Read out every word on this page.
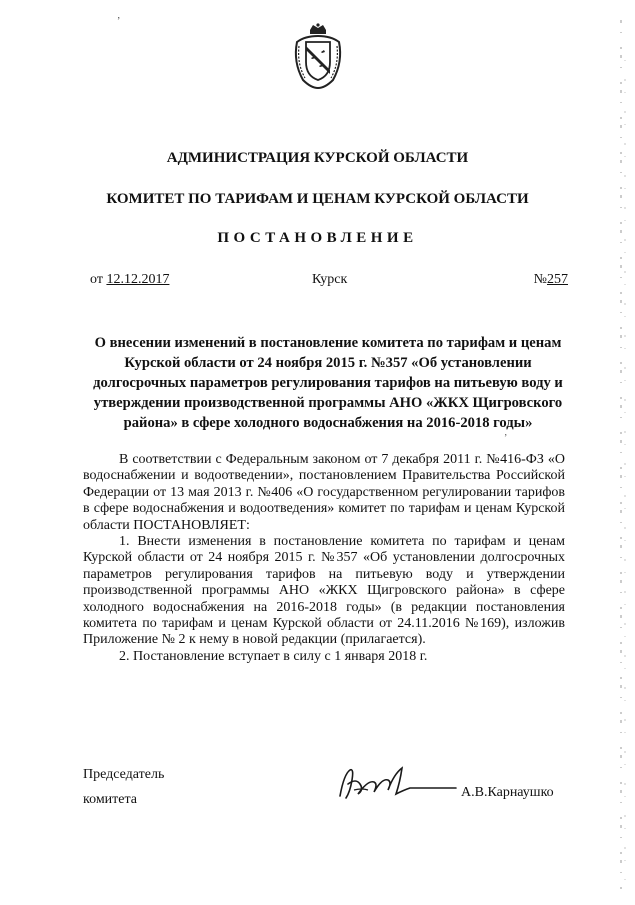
ʼ
АДМИНИСТРАЦИЯ КУРСКОЙ ОБЛАСТИ
КОМИТЕТ ПО ТАРИФАМ И ЦЕНАМ КУРСКОЙ ОБЛАСТИ
ПОСТАНОВЛЕНИЕ
от 12.12.2017	Курск	№257
О внесении изменений в постановление комитета по тарифам и ценам
Курской области от 24 ноября 2015 г. №357 «Об установлении
долгосрочных параметров регулирования тарифов на питьевую воду и
утверждении производственной программы АНО «ЖКХ Щигровского
района» в сфере холодного водоснабжения на 2016-2018 годы»
ʼ

В соответствии с Федеральным законом от 7 декабря 2011 г. №416-ФЗ «О водоснабжении и водоотведении», постановлением Правительства Российской Федерации от 13 мая 2013 г. №406 «О государственном регулировании тарифов в сфере водоснабжения и водоотведения» комитет по тарифам и ценам Курской области ПОСТАНОВЛЯЕТ:

1. Внести изменения в постановление комитета по тарифам и ценам Курской области от 24 ноября 2015 г. №357 «Об установлении долгосрочных параметров регулирования тарифов на питьевую воду и утверждении производственной программы АНО «ЖКХ Щигровского района» в сфере холодного водоснабжения на 2016-2018 годы» (в редакции постановления комитета по тарифам и ценам Курской области от 24.11.2016 №169), изложив Приложение № 2 к нему в новой редакции (прилагается).

2. Постановление вступает в силу с 1 января 2018 г.

Председатель
комитета	А.В.Карнаушко
